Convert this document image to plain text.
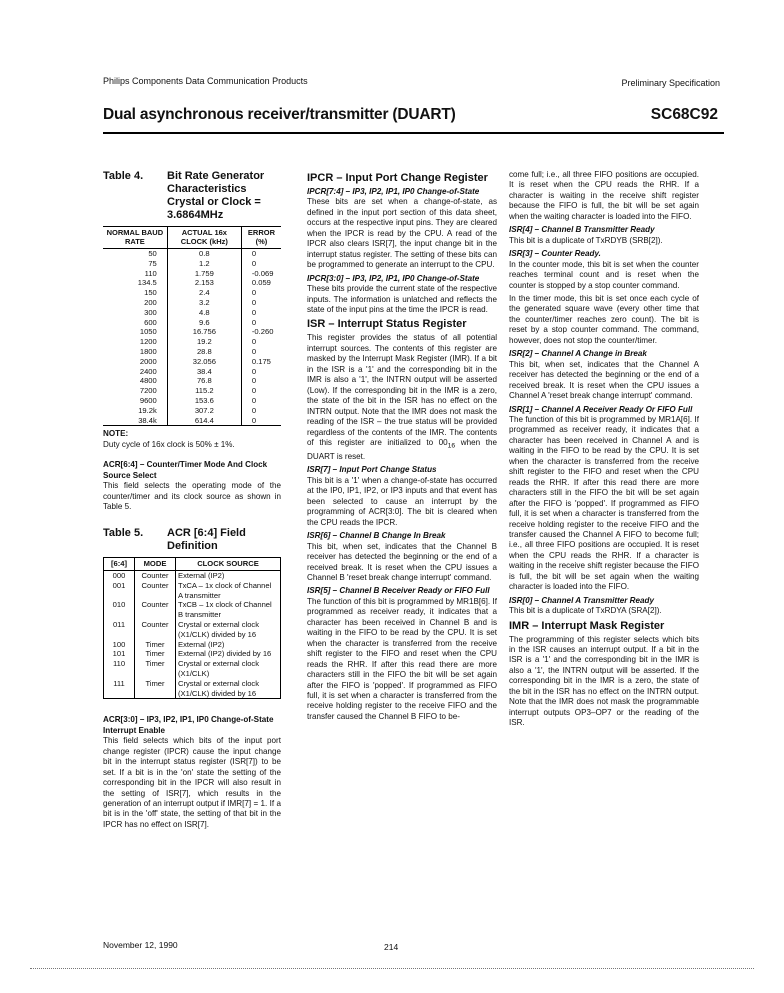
Philips Components Data Communication Products	Preliminary Specification
Dual asynchronous receiver/transmitter (DUART)	SC68C92
Table 4.	Bit Rate Generator Characteristics Crystal or Clock = 3.6864MHz
NORMAL BAUD RATE	ACTUAL 16x CLOCK (kHz)	ERROR (%)
50	0.8	0
75	1.2	0
110	1.759	-0.069
134.5	2.153	0.059
150	2.4	0
200	3.2	0
300	4.8	0
600	9.6	0
1050	16.756	-0.260
1200	19.2	0
1800	28.8	0
2000	32.056	0.175
2400	38.4	0
4800	76.8	0
7200	115.2	0
9600	153.6	0
19.2k	307.2	0
38.4k	614.4	0
NOTE:

Duty cycle of 16x clock is 50% ± 1%.

ACR[6:4] – Counter/Timer Mode And Clock Source Select

This field selects the operating mode of the counter/timer and its clock source as shown in Table 5.

Table 5.	ACR [6:4] Field Definition
[6:4]	MODE	CLOCK SOURCE
000	Counter	External (IP2)
001	Counter	TxCA – 1x clock of Channel A transmitter
010	Counter	TxCB – 1x clock of Channel B transmitter
011	Counter	Crystal or external clock (X1/CLK) divided by 16
100	Timer	External (IP2)
101	Timer	External (IP2) divided by 16
110	Timer	Crystal or external clock (X1/CLK)
111	Timer	Crystal or external clock (X1/CLK) divided by 16
ACR[3:0] – IP3, IP2, IP1, IP0 Change-of-State Interrupt Enable

This field selects which bits of the input port change register (IPCR) cause the input change bit in the interrupt status register (ISR[7]) to be set. If a bit is in the 'on' state the setting of the corresponding bit in the IPCR will also result in the setting of ISR[7], which results in the generation of an interrupt output if IMR[7] = 1. If a bit is in the 'off' state, the setting of that bit in the IPCR has no effect on ISR[7].

IPCR – Input Port Change Register
IPCR[7:4] – IP3, IP2, IP1, IP0 Change-of-State

These bits are set when a change-of-state, as defined in the input port section of this data sheet, occurs at the respective input pins. They are cleared when the IPCR is read by the CPU. A read of the IPCR also clears ISR[7], the input change bit in the interrupt status register. The setting of these bits can be programmed to generate an interrupt to the CPU.

IPCR[3:0] – IP3, IP2, IP1, IP0 Change-of-State

These bits provide the current state of the respective inputs. The information is unlatched and reflects the state of the input pins at the time the IPCR is read.

ISR – Interrupt Status Register

This register provides the status of all potential interrupt sources. The contents of this register are masked by the Interrupt Mask Register (IMR). If a bit in the ISR is a '1' and the corresponding bit in the IMR is also a '1', the INTRN output will be asserted (Low). If the corresponding bit in the IMR is a zero, the state of the bit in the ISR has no effect on the INTRN output. Note that the IMR does not mask the reading of the ISR – the true status will be provided regardless of the contents of the IMR. The contents of this register are initialized to $00_{16}$ when the DUART is reset.

ISR[7] – Input Port Change Status

This bit is a '1' when a change-of-state has occurred at the IP0, IP1, IP2, or IP3 inputs and that event has been selected to cause an interrupt by the programming of ACR[3:0]. The bit is cleared when the CPU reads the IPCR.

ISR[6] – Channel B Change In Break

This bit, when set, indicates that the Channel B receiver has detected the beginning or the end of a received break. It is reset when the CPU issues a Channel B 'reset break change interrupt' command.

ISR[5] – Channel B Receiver Ready or FIFO Full

The function of this bit is programmed by MR1B[6]. If programmed as receiver ready, it indicates that a character has been received in Channel B and is waiting in the FIFO to be read by the CPU. It is set when the character is transferred from the receive shift register to the FIFO and reset when the CPU reads the RHR. If after this read there are more characters still in the FIFO the bit will be set again after the FIFO is 'popped'. If programmed as FIFO full, it is set when a character is transferred from the receive holding register to the receive FIFO and the transfer caused the Channel B FIFO to be-

come full; i.e., all three FIFO positions are occupied. It is reset when the CPU reads the RHR. If a character is waiting in the receive shift register because the FIFO is full, the bit will be set again when the waiting character is loaded into the FIFO.

ISR[4] – Channel B Transmitter Ready

This bit is a duplicate of TxRDYB (SRB[2]).

ISR[3] – Counter Ready.

In the counter mode, this bit is set when the counter reaches terminal count and is reset when the counter is stopped by a stop counter command.

In the timer mode, this bit is set once each cycle of the generated square wave (every other time that the counter/timer reaches zero count). The bit is reset by a stop counter command. The command, however, does not stop the counter/timer.

ISR[2] – Channel A Change in Break

This bit, when set, indicates that the Channel A receiver has detected the beginning or the end of a received break. It is reset when the CPU issues a Channel A 'reset break change interrupt' command.

ISR[1] – Channel A Receiver Ready Or FIFO Full

The function of this bit is programmed by MR1A[6]. If programmed as receiver ready, it indicates that a character has been received in Channel A and is waiting in the FIFO to be read by the CPU. It is set when the character is transferred from the receive shift register to the FIFO and reset when the CPU reads the RHR. If after this read there are more characters still in the FIFO the bit will be set again after the FIFO is 'popped'. If programmed as FIFO full, it is set when a character is transferred from the receive holding register to the receive FIFO and the transfer caused the Channel A FIFO to become full; i.e., all three FIFO positions are occupied. It is reset when the CPU reads the RHR. If a character is waiting in the receive shift register because the FIFO is full, the bit will be set again when the waiting character is loaded into the FIFO.

ISR[0] – Channel A Transmitter Ready

This bit is a duplicate of TxRDYA (SRA[2]).

IMR – Interrupt Mask Register

The programming of this register selects which bits in the ISR causes an interrupt output. If a bit in the ISR is a '1' and the corresponding bit in the IMR is also a '1', the INTRN output will be asserted. If the corresponding bit in the IMR is a zero, the state of the bit in the ISR has no effect on the INTRN output. Note that the IMR does not mask the programmable interrupt outputs OP3–OP7 or the reading of the ISR.

November 12, 1990	214
